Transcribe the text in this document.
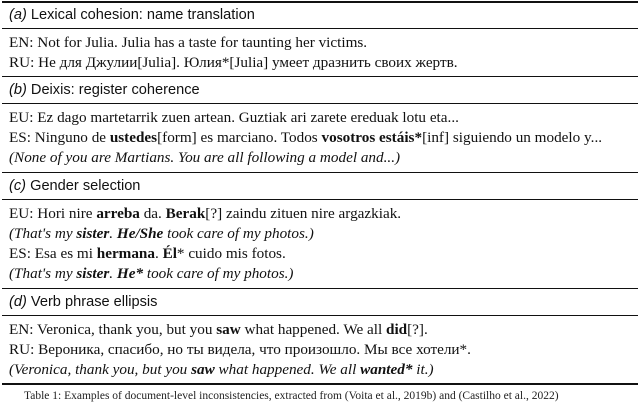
(a) Lexical cohesion: name translation
EN: Not for Julia. Julia has a taste for taunting her victims.
RU: Не для Джулии[Julia]. Юлия*[Julia] умеет дразнить своих жертв.
(b) Deixis: register coherence
EU: Ez dago martetarrik zuen artean. Guztiak ari zarete ereduak lotu eta...
ES: Ninguno de ustedes[form] es marciano. Todos vosotros estáis*[inf] siguiendo un modelo y...
(None of you are Martians. You are all following a model and...)
(c) Gender selection
EU: Hori nire arreba da. Berak[?] zaindu zituen nire argazkiak.
(That's my sister. He/She took care of my photos.)
ES: Esa es mi hermana. Él* cuido mis fotos.
(That's my sister. He* took care of my photos.)
(d) Verb phrase ellipsis
EN: Veronica, thank you, but you saw what happened. We all did[?].
RU: Вероника, спасибо, но ты видела, что произошло. Мы все хотели*.
(Veronica, thank you, but you saw what happened. We all wanted* it.)
Table 1: Examples of document-level inconsistencies, extracted from (Voita et al., 2019b) and (Castilho et al., 2022)
